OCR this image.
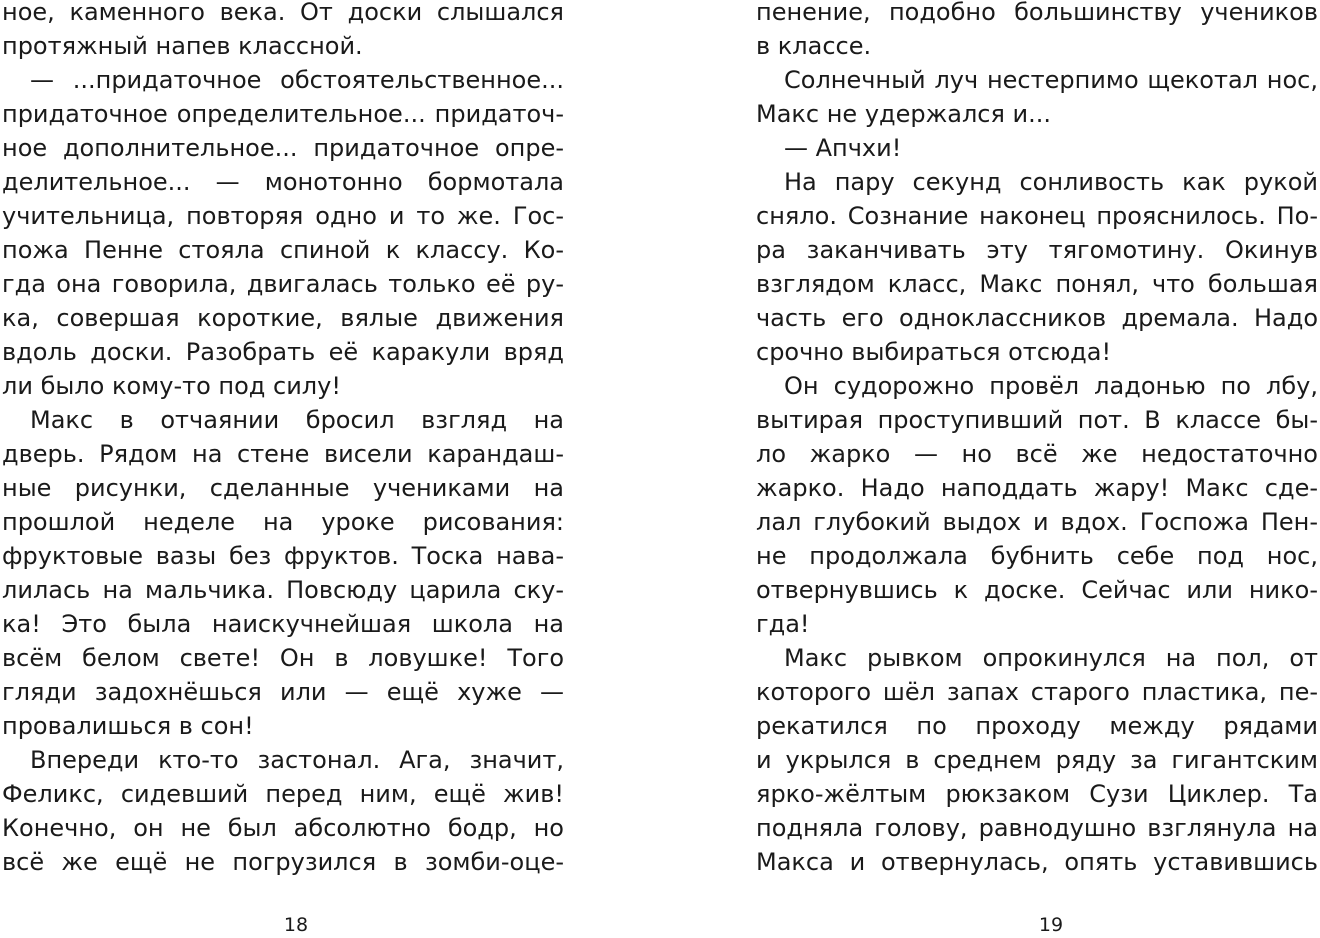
ное, каменного века. От доски слышался
протяжный напев классной.
— ...придаточное обстоятельственное...
придаточное определительное... придаточ-
ное дополнительное... придаточное опре-
делительное... — монотонно бормотала
учительница, повторяя одно и то же. Гос-
пожа Пенне стояла спиной к классу. Ко-
гда она говорила, двигалась только её ру-
ка, совершая короткие, вялые движения
вдоль доски. Разобрать её каракули вряд
ли было кому-то под силу!
Макс в отчаянии бросил взгляд на
дверь. Рядом на стене висели карандаш-
ные рисунки, сделанные учениками на
прошлой неделе на уроке рисования:
фруктовые вазы без фруктов. Тоска нава-
лилась на мальчика. Повсюду царила ску-
ка! Это была наискучнейшая школа на
всём белом свете! Он в ловушке! Того
гляди задохнёшься или — ещё хуже —
провалишься в сон!
Впереди кто-то застонал. Ага, значит,
Феликс, сидевший перед ним, ещё жив!
Конечно, он не был абсолютно бодр, но
всё же ещё не погрузился в зомби-оце-
18
пенение, подобно большинству учеников
в классе.
Солнечный луч нестерпимо щекотал нос,
Макс не удержался и...
— Апчхи!
На пару секунд сонливость как рукой
сняло. Сознание наконец прояснилось. По-
ра заканчивать эту тягомотину. Окинув
взглядом класс, Макс понял, что большая
часть его одноклассников дремала. Надо
срочно выбираться отсюда!
Он судорожно провёл ладонью по лбу,
вытирая проступивший пот. В классе бы-
ло жарко — но всё же недостаточно
жарко. Надо наподдать жару! Макс сде-
лал глубокий выдох и вдох. Госпожа Пен-
не продолжала бубнить себе под нос,
отвернувшись к доске. Сейчас или нико-
гда!
Макс рывком опрокинулся на пол, от
которого шёл запах старого пластика, пе-
рекатился по проходу между рядами
и укрылся в среднем ряду за гигантским
ярко-жёлтым рюкзаком Сузи Циклер. Та
подняла голову, равнодушно взглянула на
Макса и отвернулась, опять уставившись
19
